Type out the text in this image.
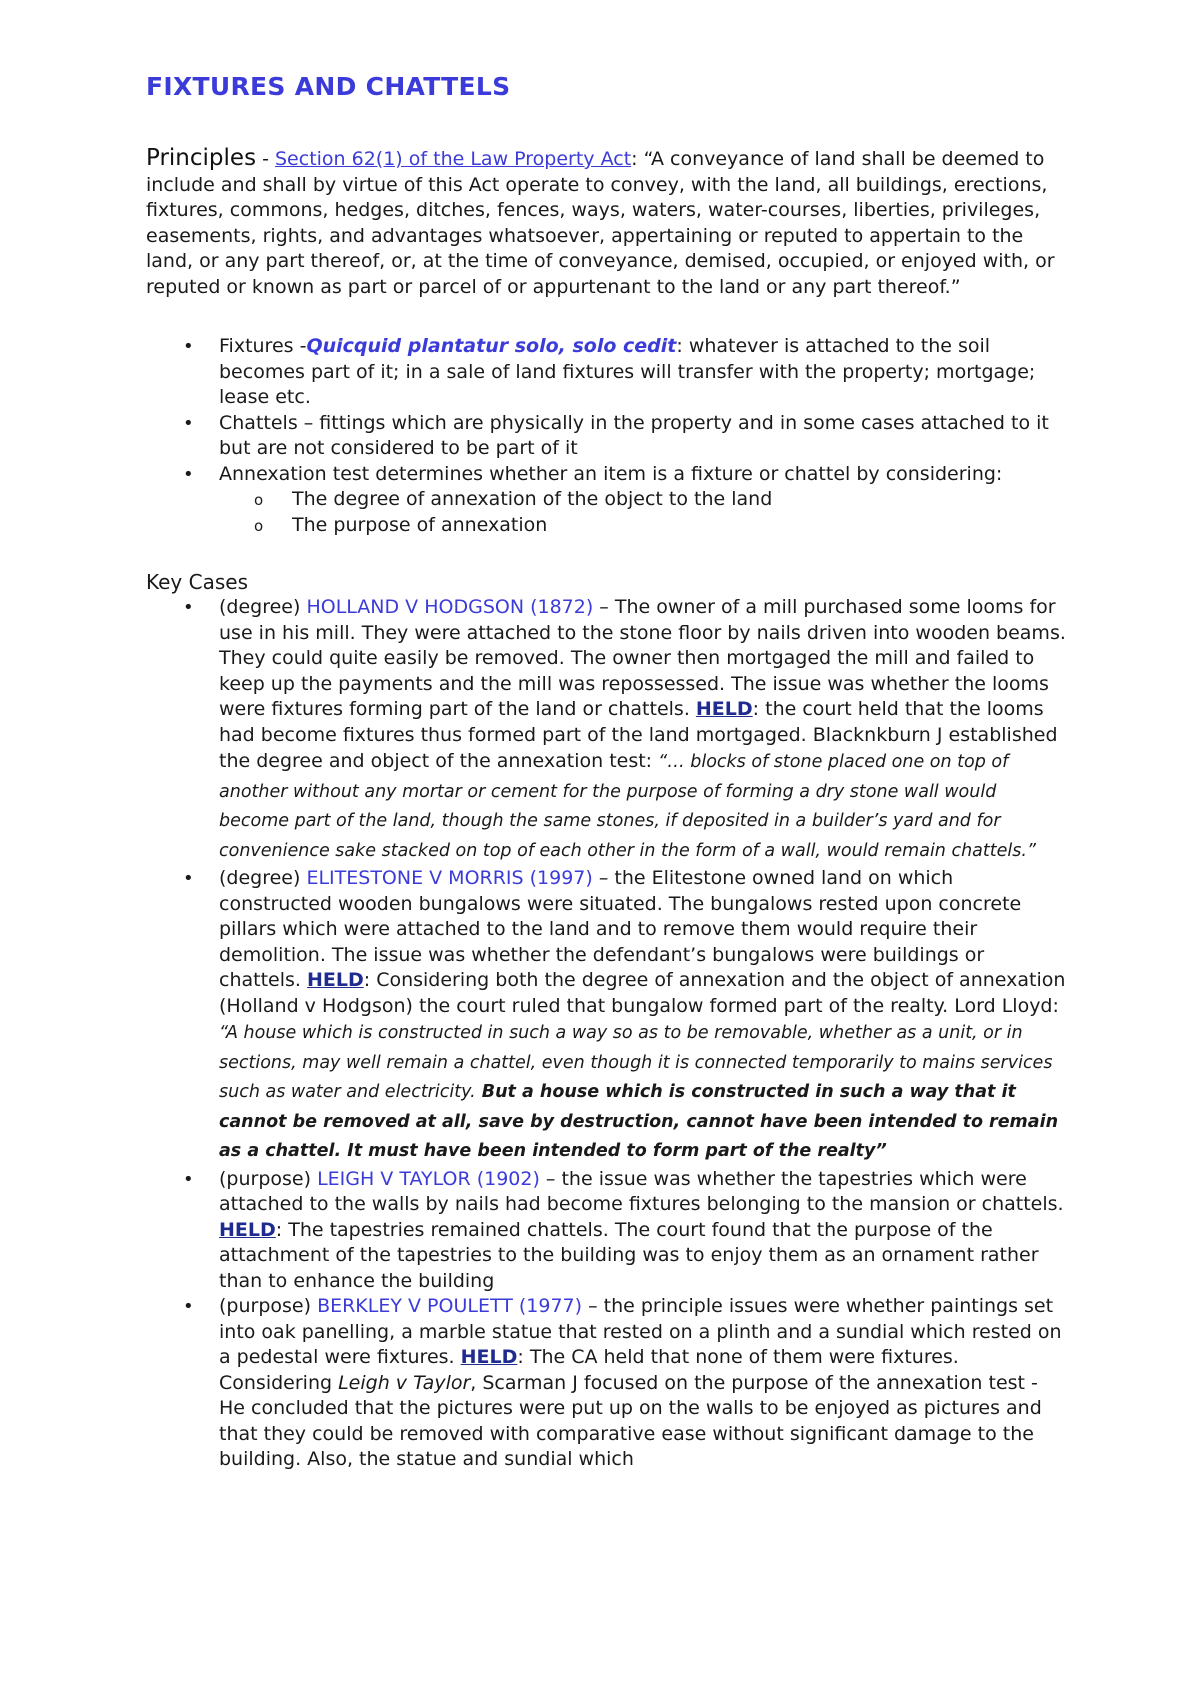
FIXTURES AND CHATTELS

Principles - Section 62(1) of the Law Property Act: “A conveyance of land shall be deemed to include and shall by virtue of this Act operate to convey, with the land, all buildings, erections, fixtures, commons, hedges, ditches, fences, ways, waters, water-courses, liberties, privileges, easements, rights, and advantages whatsoever, appertaining or reputed to appertain to the land, or any part thereof, or, at the time of conveyance, demised, occupied, or enjoyed with, or reputed or known as part or parcel of or appurtenant to the land or any part thereof.”

• Fixtures -Quicquid plantatur solo, solo cedit: whatever is attached to the soil becomes part of it; in a sale of land fixtures will transfer with the property; mortgage; lease etc.
• Chattels – fittings which are physically in the property and in some cases attached to it but are not considered to be part of it
• Annexation test determines whether an item is a fixture or chattel by considering:
o The degree of annexation of the object to the land
o The purpose of annexation

Key Cases

• (degree) HOLLAND V HODGSON (1872) – The owner of a mill purchased some looms for use in his mill. They were attached to the stone floor by nails driven into wooden beams. They could quite easily be removed. The owner then mortgaged the mill and failed to keep up the payments and the mill was repossessed. The issue was whether the looms were fixtures forming part of the land or chattels. HELD: the court held that the looms had become fixtures thus formed part of the land mortgaged. Blacknkburn J established the degree and object of the annexation test: “… blocks of stone placed one on top of another without any mortar or cement for the purpose of forming a dry stone wall would become part of the land, though the same stones, if deposited in a builder’s yard and for convenience sake stacked on top of each other in the form of a wall, would remain chattels.”
• (degree) ELITESTONE V MORRIS (1997) – the Elitestone owned land on which constructed wooden bungalows were situated. The bungalows rested upon concrete pillars which were attached to the land and to remove them would require their demolition. The issue was whether the defendant’s bungalows were buildings or chattels. HELD: Considering both the degree of annexation and the object of annexation (Holland v Hodgson) the court ruled that bungalow formed part of the realty. Lord Lloyd: “A house which is constructed in such a way so as to be removable, whether as a unit, or in sections, may well remain a chattel, even though it is connected temporarily to mains services such as water and electricity. But a house which is constructed in such a way that it cannot be removed at all, save by destruction, cannot have been intended to remain as a chattel. It must have been intended to form part of the realty”
• (purpose) LEIGH V TAYLOR (1902) – the issue was whether the tapestries which were attached to the walls by nails had become fixtures belonging to the mansion or chattels. HELD: The tapestries remained chattels. The court found that the purpose of the attachment of the tapestries to the building was to enjoy them as an ornament rather than to enhance the building
• (purpose) BERKLEY V POULETT (1977) – the principle issues were whether paintings set into oak panelling, a marble statue that rested on a plinth and a sundial which rested on a pedestal were fixtures. HELD: The CA held that none of them were fixtures. Considering Leigh v Taylor, Scarman J focused on the purpose of the annexation test - He concluded that the pictures were put up on the walls to be enjoyed as pictures and that they could be removed with comparative ease without significant damage to the building. Also, the statue and sundial which
